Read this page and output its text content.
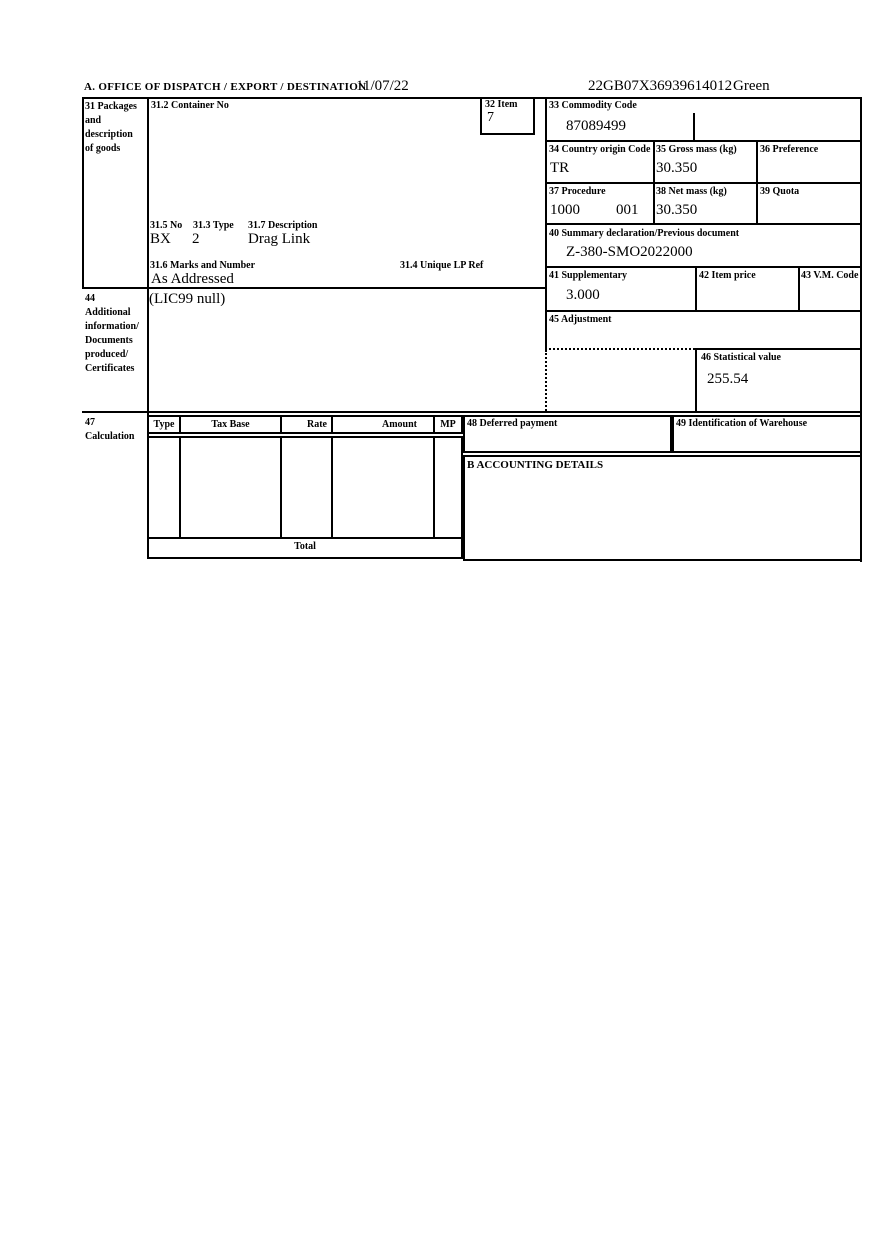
A. OFFICE OF DISPATCH / EXPORT / DESTINATION
11/07/22	22GB07X36939614012 Green
31 Packages and description of goods
31.2 Container No	32 Item
7
33 Commodity Code
87089499
34 Country origin Code
TR
35 Gross mass (kg)
30.350
36 Preference
37 Procedure
1000 001
38 Net mass (kg)
30.350
39 Quota
40 Summary declaration/Previous document
Z-380-SMO2022000
41 Supplementary
3.000
42 Item price	43 V.M. Code
45 Adjustment
46 Statistical value
255.54
31.5 No 31.3 Type 31.7 Description
BX 2	Drag Link
31.6 Marks and Number	31.4 Unique LP Ref
As Addressed
44 Additional information/ Documents produced/ Certificates
(LIC99 null)
47 Calculation
Type	Tax Base	Rate	Amount	MP
Total
48 Deferred payment	49 Identification of Warehouse
B ACCOUNTING DETAILS
